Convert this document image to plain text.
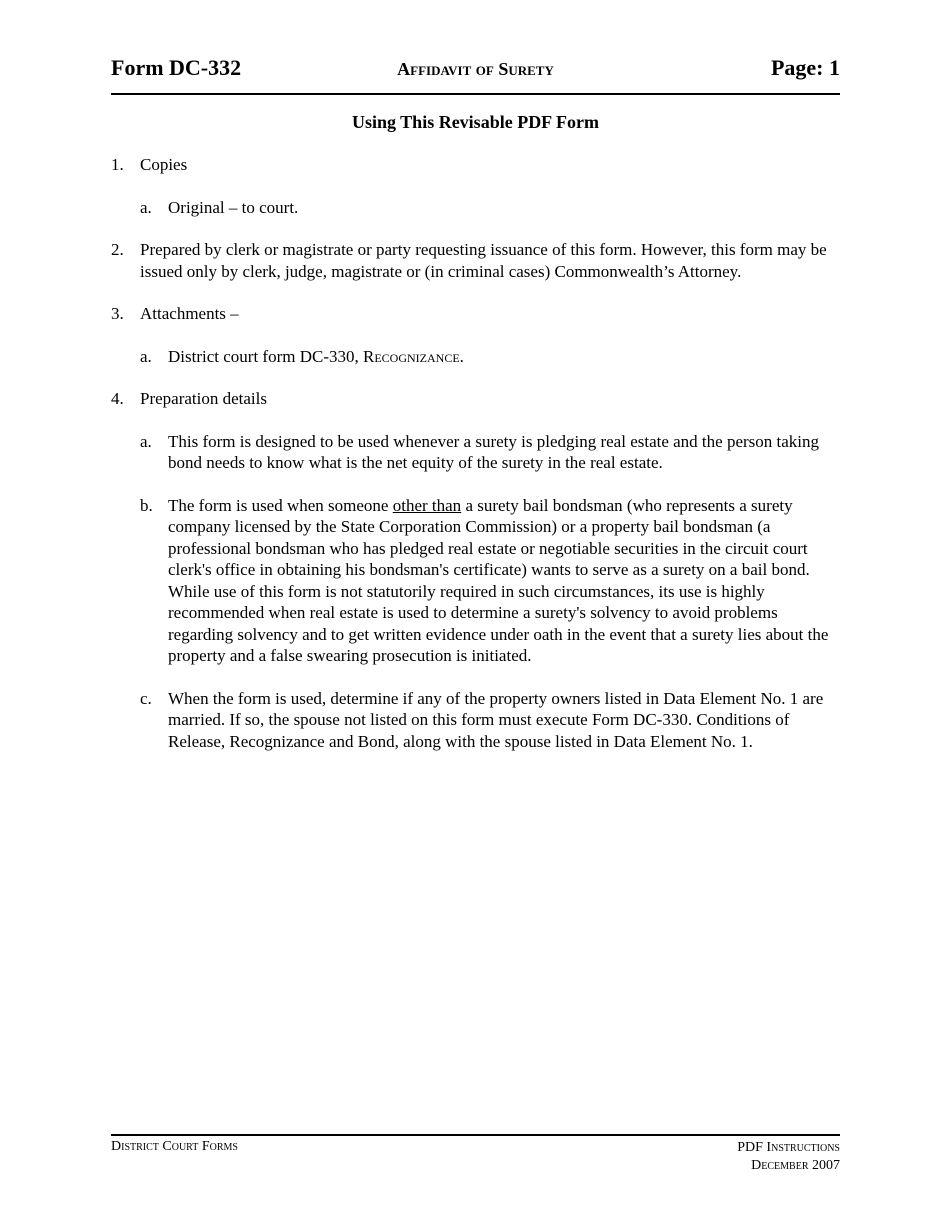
Form DC-332	Affidavit of Surety	Page: 1
Using This Revisable PDF Form
1. Copies
a. Original – to court.
2. Prepared by clerk or magistrate or party requesting issuance of this form. However, this form may be issued only by clerk, judge, magistrate or (in criminal cases) Commonwealth’s Attorney.
3. Attachments –
a. District court form DC-330, Recognizance.
4. Preparation details
a. This form is designed to be used whenever a surety is pledging real estate and the person taking bond needs to know what is the net equity of the surety in the real estate.
b. The form is used when someone other than a surety bail bondsman (who represents a surety company licensed by the State Corporation Commission) or a property bail bondsman (a professional bondsman who has pledged real estate or negotiable securities in the circuit court clerk's office in obtaining his bondsman's certificate) wants to serve as a surety on a bail bond. While use of this form is not statutorily required in such circumstances, its use is highly recommended when real estate is used to determine a surety's solvency to avoid problems regarding solvency and to get written evidence under oath in the event that a surety lies about the property and a false swearing prosecution is initiated.
c. When the form is used, determine if any of the property owners listed in Data Element No. 1 are married. If so, the spouse not listed on this form must execute Form DC-330. Conditions of Release, Recognizance and Bond, along with the spouse listed in Data Element No. 1.
District Court Forms	PDF Instructions
December 2007
